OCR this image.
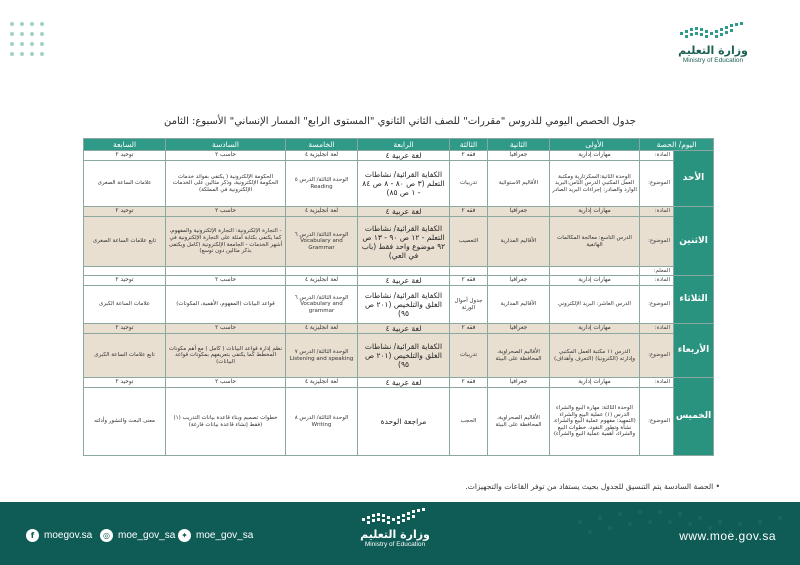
وزارة التعليم
Ministry of Education
جدول الحصص اليومي للدروس "مقررات" للصف الثاني الثانوي "المستوى الرابع" المسار الإنساني" الأسبوع: الثامن
اليوم/ الحصة		الأولى	الثانية	الثالثة	الرابعة	الخامسة	السادسة	السابعة
الأحد	المادة:	مهارات إدارية	جغرافيا	فقه ٢	لغة عربية ٤	لغة انجليزية ٤	حاسب ٢	توحيد ٢
	الموضوع:	الوحدة الثانية:السكرتارية ومكتبة العمل المكتبي الدرس الثامن:البريد الوارد والصادر: إجراءات البريد الصادر	الأقاليم الاستوائية	تدريبات	الكفاية القرائية/ نشاطات التعلم (٣ ص ٨٠ - ٨ ص ٨٤ - ١ ص ٨٥)	الوحدة الثالثة/ الدرس ٥ Reading	الحكومة الإلكترونية ( يكتفى بفوائد خدمات الحكومة الإلكترونية، وذكر مثالين على الخدمات الإلكترونية في المملكة)	علامات الساعة الصغرى
الاثنين	المادة:	مهارات إدارية	جغرافيا	فقه ٢	لغة عربية ٤	لغة انجليزية ٤	حاسب ٢	توحيد ٢
	الموضوع:	الدرس التاسع: معالجة المكالمات الهاتفية	الأقاليم المدارية	التعصيب	الكفاية القرائية/ نشاطات التعلم - ١٢ ص ٩٠ - ١٣ ص ٩٢ موضوع واحد فقط (باب في العي)	الوحدة الثالثة/ الدرس ٦ Vocabulary and Grammar	- التجارة الإلكترونية: التجارة الإلكترونية والمفهوم، كما يكتفى بكتابة أمثلة على التجارة الإلكترونية في أشهر الخدمات - الجامعة الإلكترونية (كامل ويكتفى بذكر مثالين دون توسع)	تابع علامات الساعة الصغرى
	المعلم:							
الثلاثاء	المادة:	مهارات إدارية	جغرافيا	فقه ٢	لغة عربية ٤	لغة انجليزية ٤	حاسب ٢	توحيد ٢
	الموضوع:	الدرس العاشر: البريد الإلكتروني	الأقاليم المدارية	جدول أحوال الورثة	الكفاية القرائية/ نشاطات الغلق والتلخيص (٢٠١ ص ٩٥)	الوحدة الثالثة/ الدرس ٦ Vocabulary and grammar	قواعد البيانات (المفهوم، الأهمية، المكونات)	علامات الساعة الكبرى
الأربعاء	المادة:	مهارات إدارية	جغرافيا	فقه ٢	لغة عربية ٤	لغة انجليزية ٤	حاسب ٢	توحيد ٢
	الموضوع:	الدرس ١١ مكتبة العمل المكتبي وإدارته (الكترونيا) (التعرف وأهداف)	الأقاليم الصحراوية، المحافظة على البيئة	تدريبات	الكفاية القرائية/ نشاطات الغلق والتلخيص (٢٠١ ص ٩٥)	الوحدة الثالثة/ الدرس ٧ Listening and speaking	نظم إدارة قواعد البيانات ( كامل ) مع أهم مكونات المخطط كما يكتفى بتعريفهم بمكونات قواعد البيانات)	تابع علامات الساعة الكبرى
الخميس	المادة:	مهارات إدارية	جغرافيا	فقه ٢	لغة عربية ٤	لغة انجليزية ٤	حاسب ٢	توحيد ٢
	الموضوع:	الوحدة الثالثة: مهارة البيع والشراء الدرس (١) عملية البيع والشراء (التمهيد: مفهوم عملية البيع والشراء، نشأة وتطور النقود، خطوات البيع والشراء، أهمية عملية البيع والشراء)	الأقاليم الصحراوية، المحافظة على البيئة	الحجب	مراجعة الوحدة	الوحدة الثالثة/ الدرس ٨ Writing	خطوات تصميم وبناء قاعدة بيانات التدريب (١) (فقط إنشاء قاعدة بيانات فارغة)	معنى البعث والنشور وأدلته
• الحصة السادسة يتم التنسيق للجدول بحيث يستفاد من توفر القاعات والتجهيزات.
f moegov.sa	◎ moe_gov_sa ✦ moe_gov_sa	وزارة التعليم
Ministry of Education
www.moe.gov.sa
